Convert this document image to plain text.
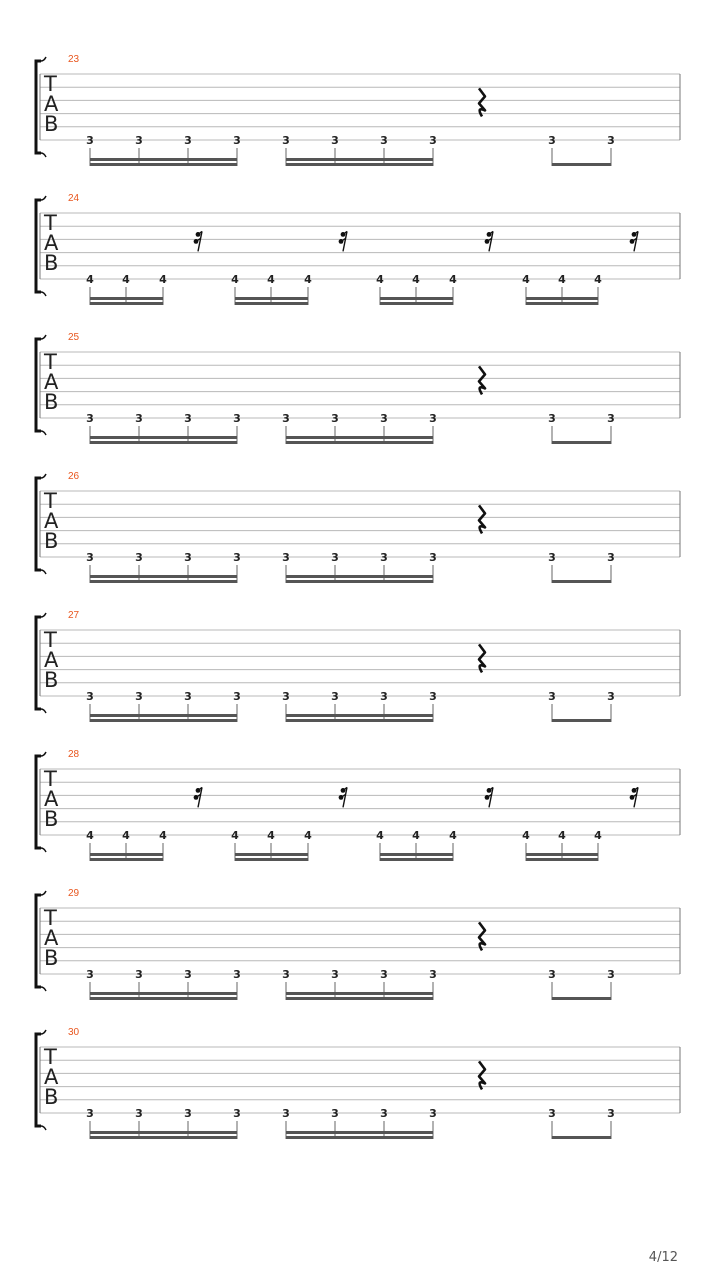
23
T
A
B
3	3	3	3	3	3	3	3	3	3
24
T
A
B
4	4	4	4	4	4	4	4	4	4	4	4
25
T
A
B
3	3	3	3	3	3	3	3	3	3
26
T
A
B
3	3	3	3	3	3	3	3	3	3
27
T
A
B
3	3	3	3	3	3	3	3	3	3
28
T
A
B
4	4	4	4	4	4	4	4	4	4	4	4
29
T
A
B
3	3	3	3	3	3	3	3	3	3
30
T
A
B
3	3	3	3	3	3	3	3	3	3
4/12
